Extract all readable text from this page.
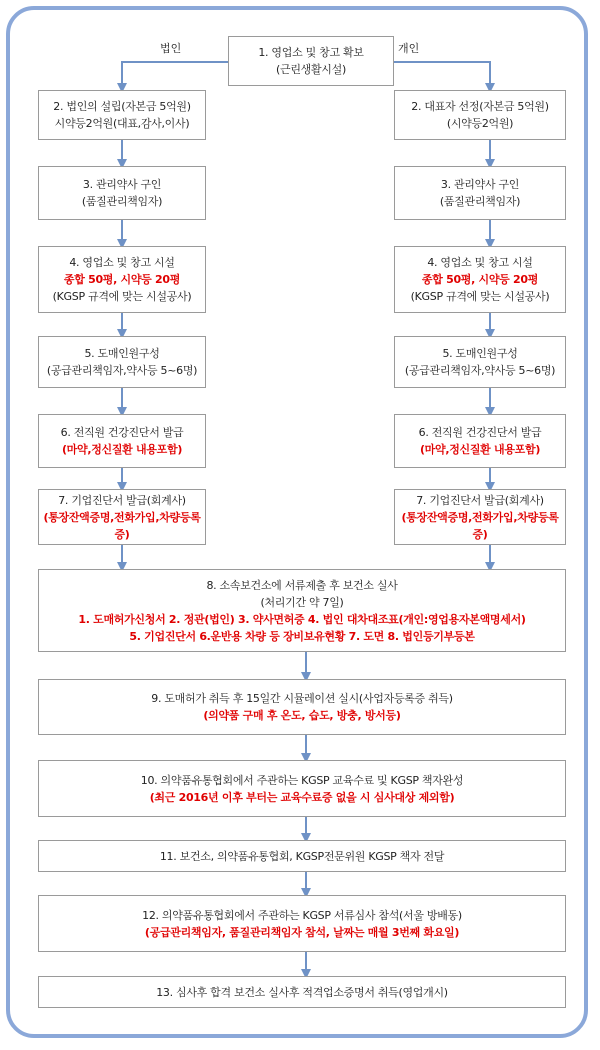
법인	개인
1. 영업소 및 창고 확보
(근린생활시설)
2. 법인의 설립(자본금 5억원)
시약등2억원(대표,감사,이사)
3. 관리약사 구인
(품질관리책임자)
4. 영업소 및 창고 시설
종합 50평, 시약등 20평
(KGSP 규격에 맞는 시설공사)
5. 도매인원구성
(공급관리책임자,약사등 5~6명)
6. 전직원 건강진단서 발급
(마약,정신질환 내용포함)
7. 기업진단서 발급(회계사)
(통장잔액증명,전화가입,차량등록증)
2. 대표자 선정(자본금 5억원)
(시약등2억원)
3. 관리약사 구인
(품질관리책임자)
4. 영업소 및 창고 시설
종합 50평, 시약등 20평
(KGSP 규격에 맞는 시설공사)
5. 도매인원구성
(공급관리책임자,약사등 5~6명)
6. 전직원 건강진단서 발급
(마약,정신질환 내용포함)
7. 기업진단서 발급(회계사)
(통장잔액증명,전화가입,차량등록증)
8. 소속보건소에 서류제출 후 보건소 실사
(처리기간 약 7일)
1. 도매허가신청서 2. 정관(법인) 3. 약사면허증 4. 법인 대차대조표(개인:영업용자본액명세서)
5. 기업진단서 6.운반용 차량 등 장비보유현황 7. 도면 8. 법인등기부등본
9. 도매허가 취득 후 15일간 시뮬레이션 실시(사업자등록증 취득)
(의약품 구매 후 온도, 습도, 방충, 방서등)
10. 의약품유통협회에서 주관하는 KGSP 교육수료 및 KGSP 책자완성
(최근 2016년 이후 부터는 교육수료증 없을 시 심사대상 제외함)
11. 보건소, 의약품유통협회, KGSP전문위원 KGSP 책자 전달
12. 의약품유통협회에서 주관하는 KGSP 서류심사 참석(서울 방배동)
(공급관리책임자, 품질관리책임자 참석, 날짜는 매월 3번째 화요일)
13. 심사후 합격 보건소 실사후 적격업소증명서 취득(영업개시)
